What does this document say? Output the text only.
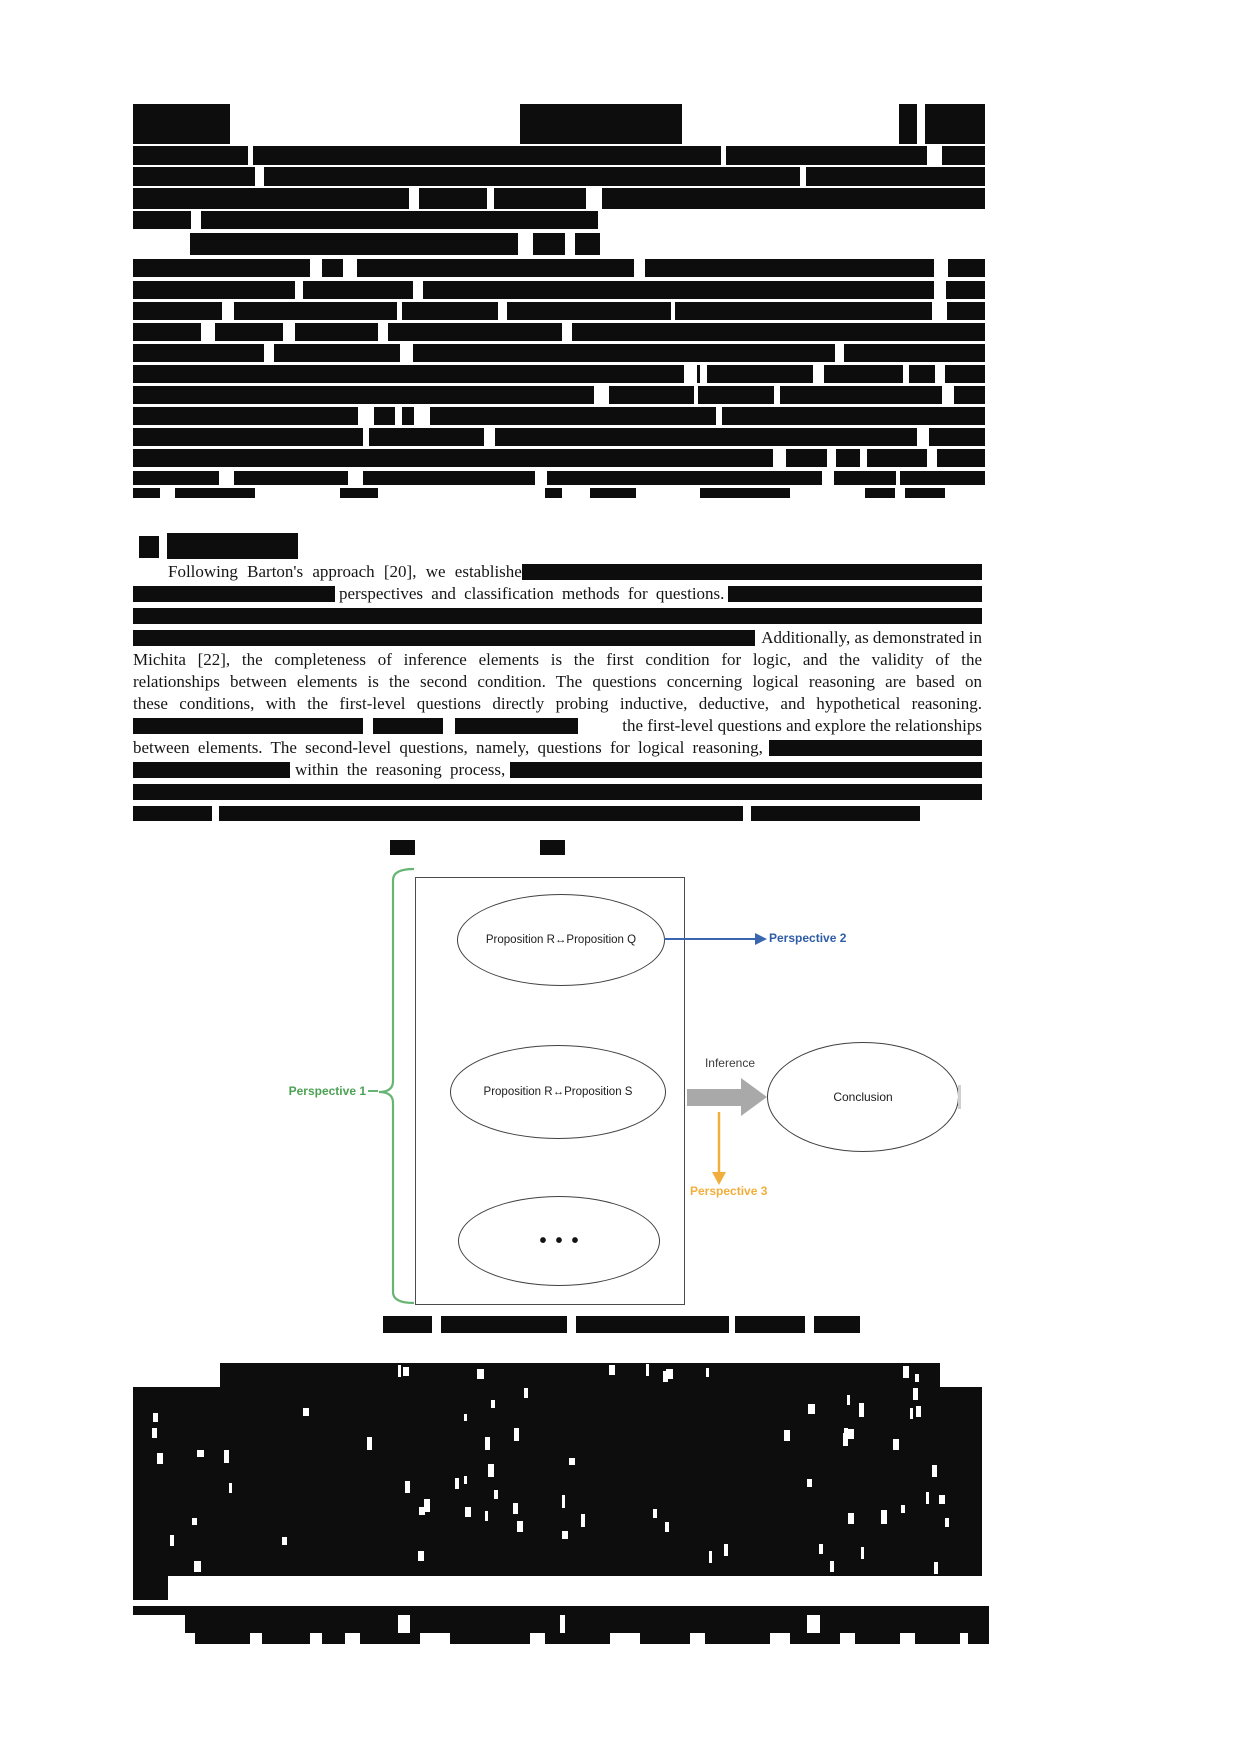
Following Barton's approach [20], we establishe
perspectives and classification methods for questions.
Additionally, as demonstrated in
Michita [22], the completeness of inference elements is the first condition for logic, and the validity of the
relationships between elements is the second condition. The questions concerning logical reasoning are based on
these conditions, with the first-level questions directly probing inductive, deductive, and hypothetical reasoning.
the first-level questions and explore the relationships
between elements. The second-level questions, namely, questions for logical reasoning,
within the reasoning process,
Perspective 1
Proposition R↔Proposition Q
Proposition R↔Proposition S
•••
Perspective 2
Inference
Perspective 3
Conclusion
